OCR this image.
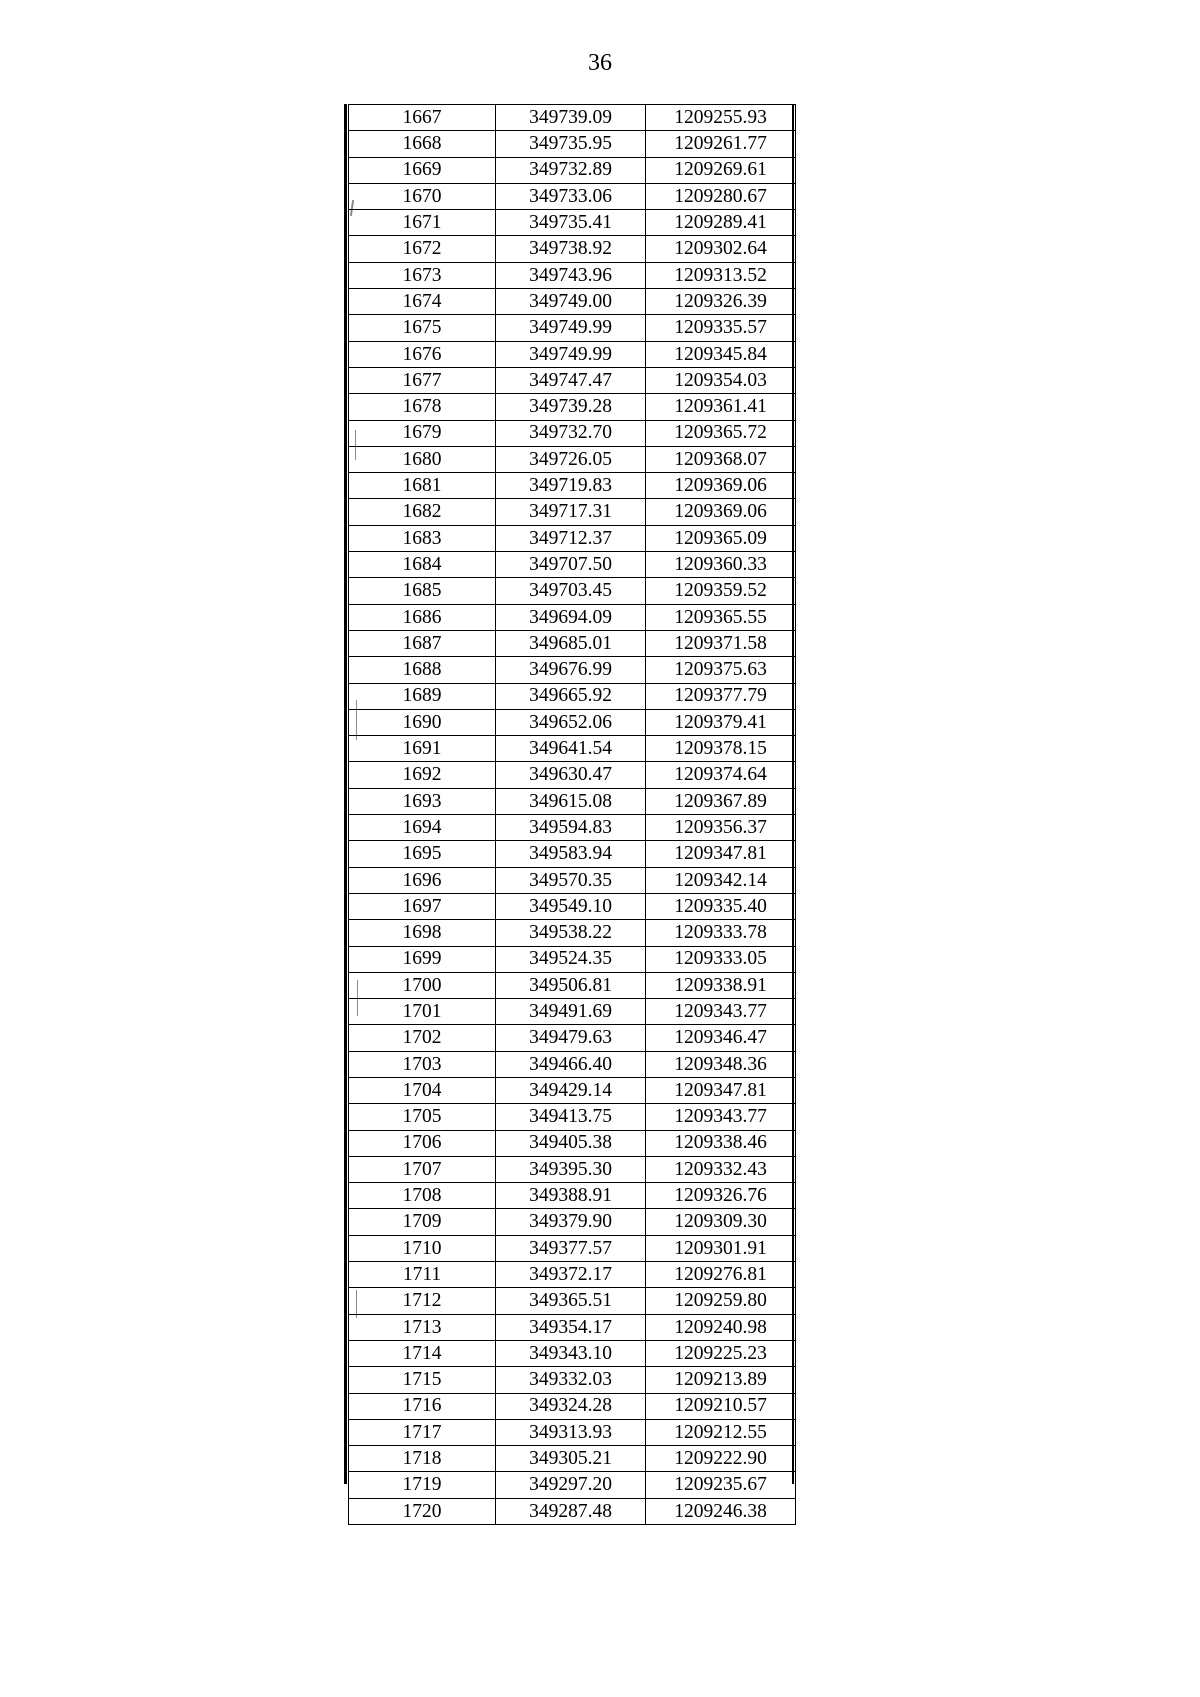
36
1667	349739.09	1209255.93
1668	349735.95	1209261.77
1669	349732.89	1209269.61
1670	349733.06	1209280.67
1671	349735.41	1209289.41
1672	349738.92	1209302.64
1673	349743.96	1209313.52
1674	349749.00	1209326.39
1675	349749.99	1209335.57
1676	349749.99	1209345.84
1677	349747.47	1209354.03
1678	349739.28	1209361.41
1679	349732.70	1209365.72
1680	349726.05	1209368.07
1681	349719.83	1209369.06
1682	349717.31	1209369.06
1683	349712.37	1209365.09
1684	349707.50	1209360.33
1685	349703.45	1209359.52
1686	349694.09	1209365.55
1687	349685.01	1209371.58
1688	349676.99	1209375.63
1689	349665.92	1209377.79
1690	349652.06	1209379.41
1691	349641.54	1209378.15
1692	349630.47	1209374.64
1693	349615.08	1209367.89
1694	349594.83	1209356.37
1695	349583.94	1209347.81
1696	349570.35	1209342.14
1697	349549.10	1209335.40
1698	349538.22	1209333.78
1699	349524.35	1209333.05
1700	349506.81	1209338.91
1701	349491.69	1209343.77
1702	349479.63	1209346.47
1703	349466.40	1209348.36
1704	349429.14	1209347.81
1705	349413.75	1209343.77
1706	349405.38	1209338.46
1707	349395.30	1209332.43
1708	349388.91	1209326.76
1709	349379.90	1209309.30
1710	349377.57	1209301.91
1711	349372.17	1209276.81
1712	349365.51	1209259.80
1713	349354.17	1209240.98
1714	349343.10	1209225.23
1715	349332.03	1209213.89
1716	349324.28	1209210.57
1717	349313.93	1209212.55
1718	349305.21	1209222.90
1719	349297.20	1209235.67
1720	349287.48	1209246.38
